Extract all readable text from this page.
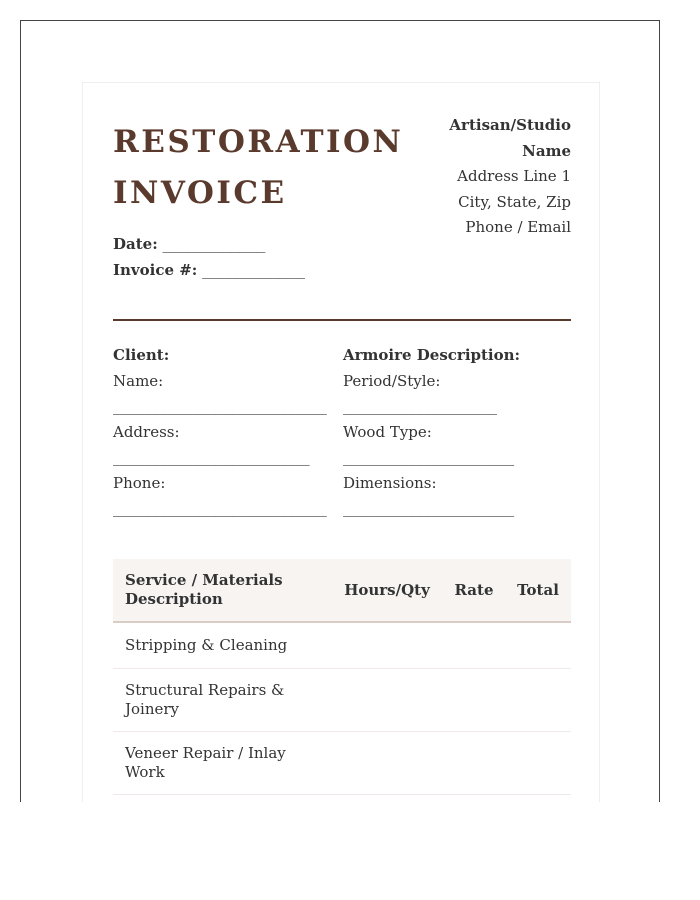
RESTORATION INVOICE
Artisan/Studio Name
Address Line 1
City, State, Zip
Phone / Email
Date: ____________
Invoice #: ____________
Client:
Name:
_________________________
Address:
_______________________
Phone:
_________________________
Armoire Description:
Period/Style:
__________________
Wood Type:
____________________
Dimensions:
____________________
Service / Materials Description	Hours/Qty	Rate	Total
Stripping & Cleaning			
Structural Repairs & Joinery			
Veneer Repair / Inlay Work			
